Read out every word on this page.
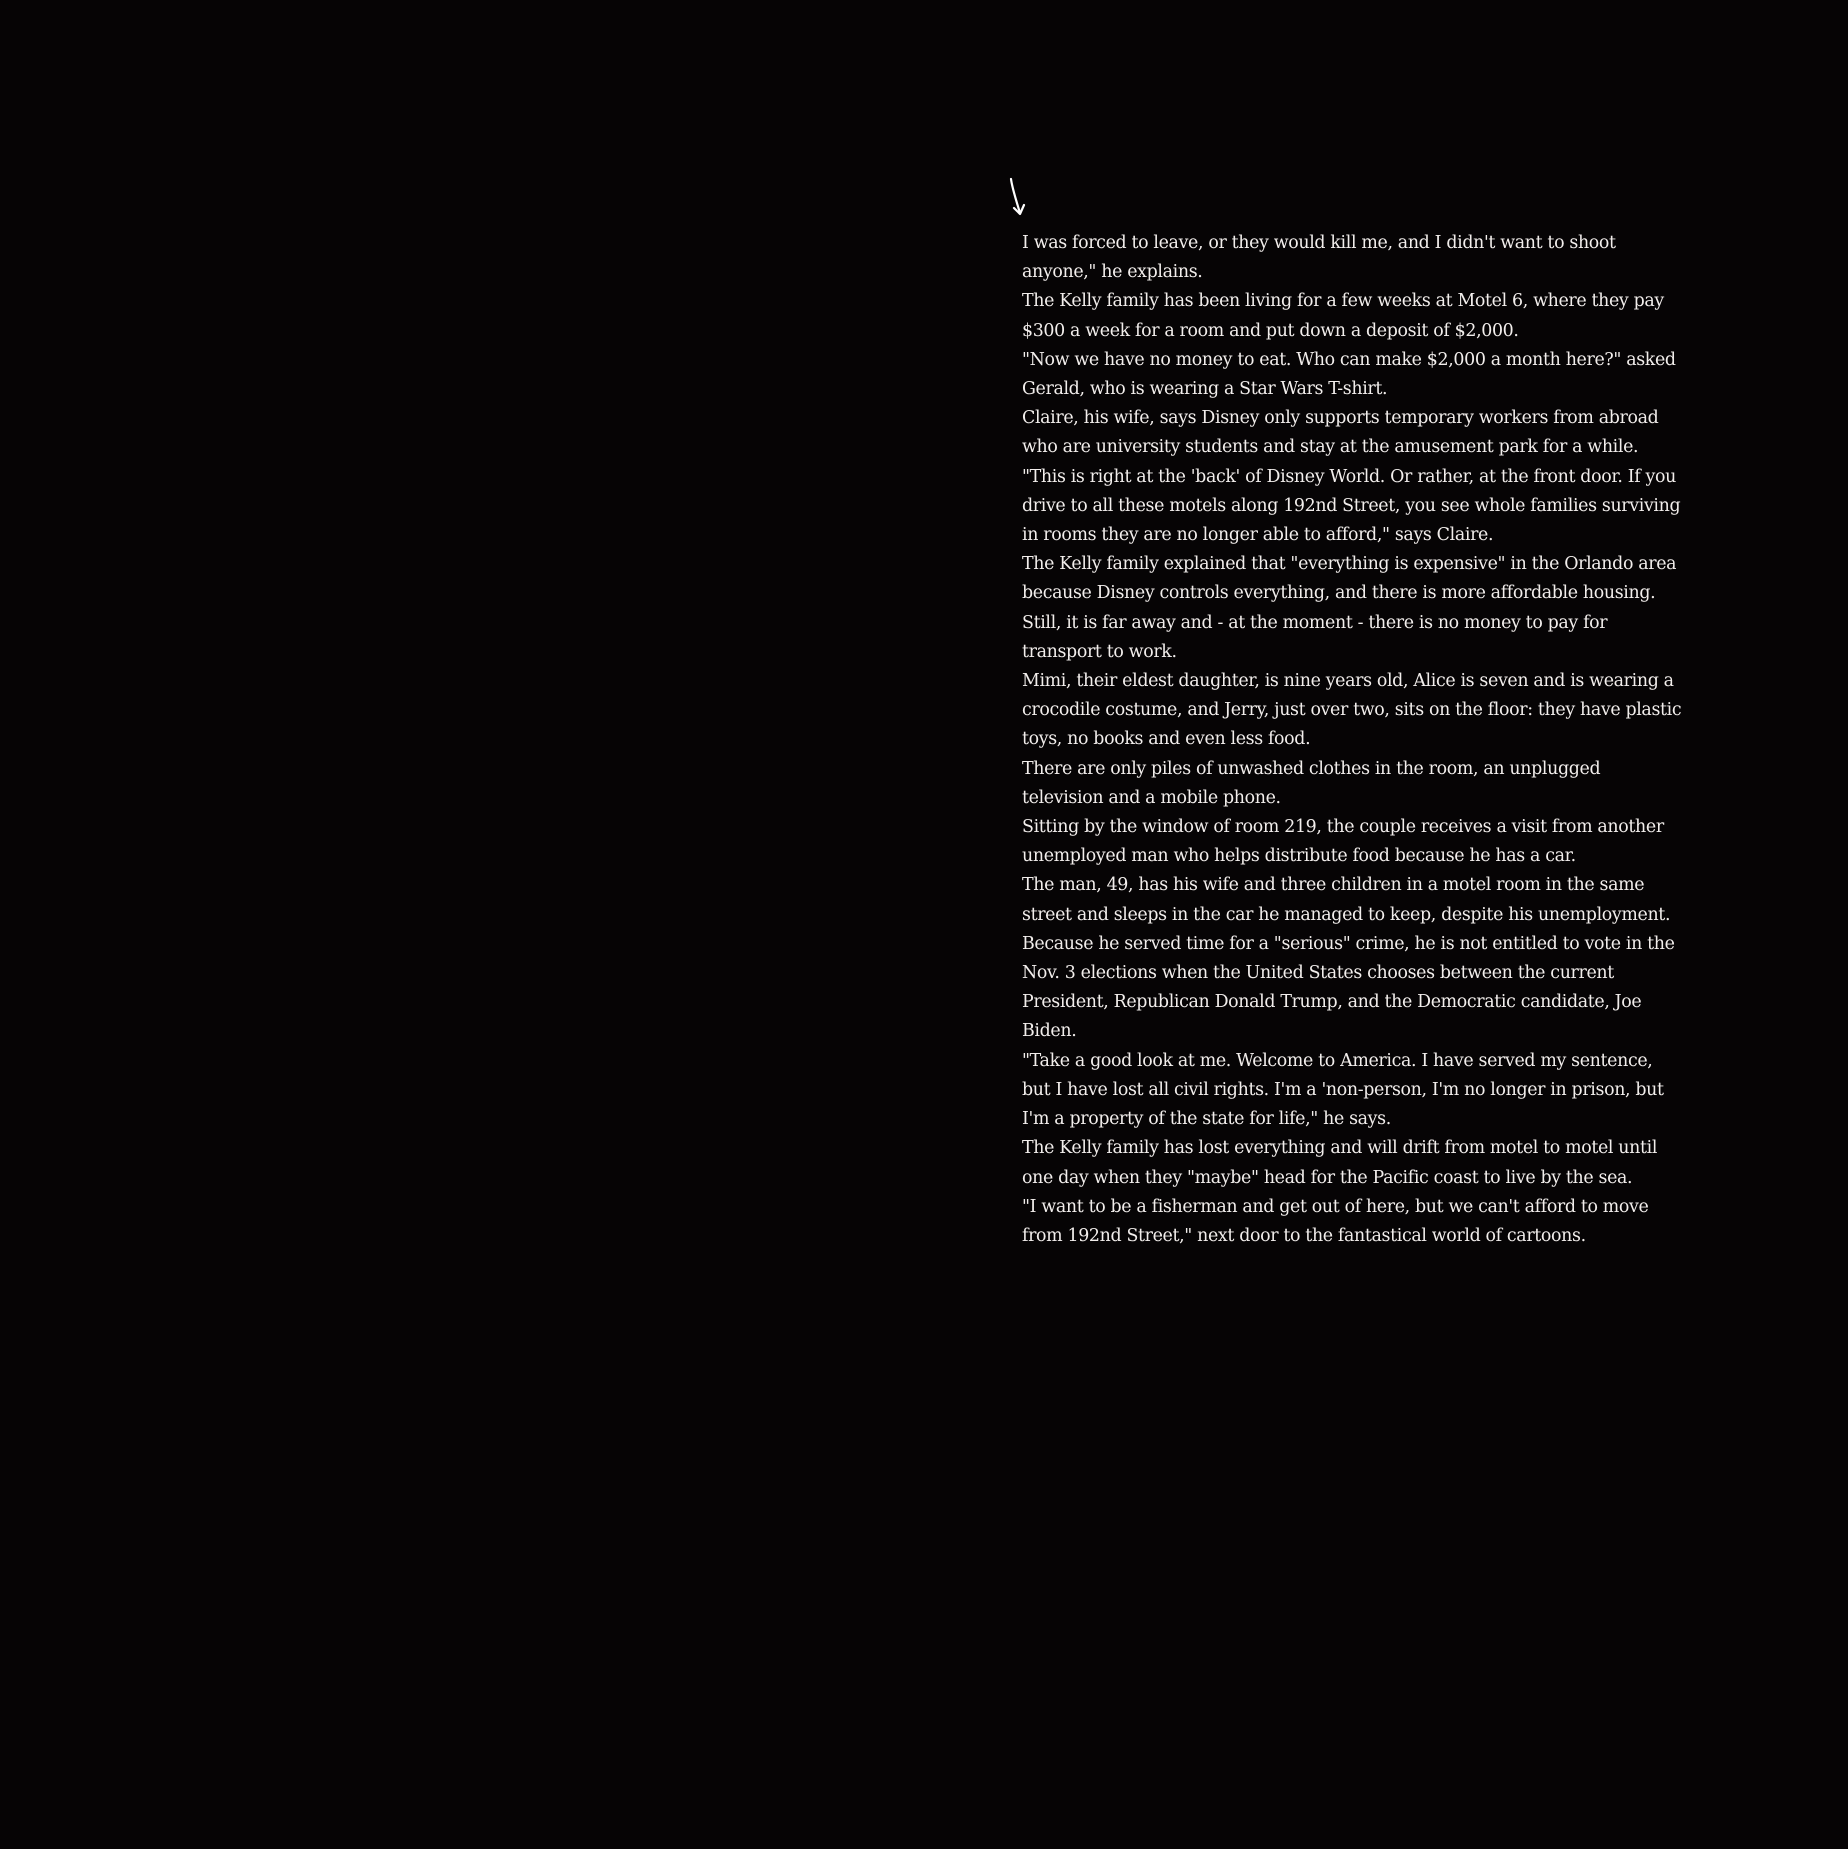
I was forced to leave, or they would kill me, and I didn't want to shoot anyone," he explains.

The Kelly family has been living for a few weeks at Motel 6, where they pay $300 a week for a room and put down a deposit of $2,000.

"Now we have no money to eat. Who can make $2,000 a month here?" asked Gerald, who is wearing a Star Wars T-shirt.

Claire, his wife, says Disney only supports temporary workers from abroad who are university students and stay at the amusement park for a while.

"This is right at the 'back' of Disney World. Or rather, at the front door. If you drive to all these motels along 192nd Street, you see whole families surviving in rooms they are no longer able to afford," says Claire.

The Kelly family explained that "everything is expensive" in the Orlando area because Disney controls everything, and there is more affordable housing. Still, it is far away and - at the moment - there is no money to pay for transport to work.

Mimi, their eldest daughter, is nine years old, Alice is seven and is wearing a crocodile costume, and Jerry, just over two, sits on the floor: they have plastic toys, no books and even less food.

There are only piles of unwashed clothes in the room, an unplugged television and a mobile phone.

Sitting by the window of room 219, the couple receives a visit from another unemployed man who helps distribute food because he has a car.

The man, 49, has his wife and three children in a motel room in the same street and sleeps in the car he managed to keep, despite his unemployment.

Because he served time for a "serious" crime, he is not entitled to vote in the Nov. 3 elections when the United States chooses between the current President, Republican Donald Trump, and the Democratic candidate, Joe Biden.

"Take a good look at me. Welcome to America. I have served my sentence, but I have lost all civil rights. I'm a 'non-person, I'm no longer in prison, but I'm a property of the state for life," he says.

The Kelly family has lost everything and will drift from motel to motel until one day when they "maybe" head for the Pacific coast to live by the sea.

"I want to be a fisherman and get out of here, but we can't afford to move from 192nd Street," next door to the fantastical world of cartoons.
